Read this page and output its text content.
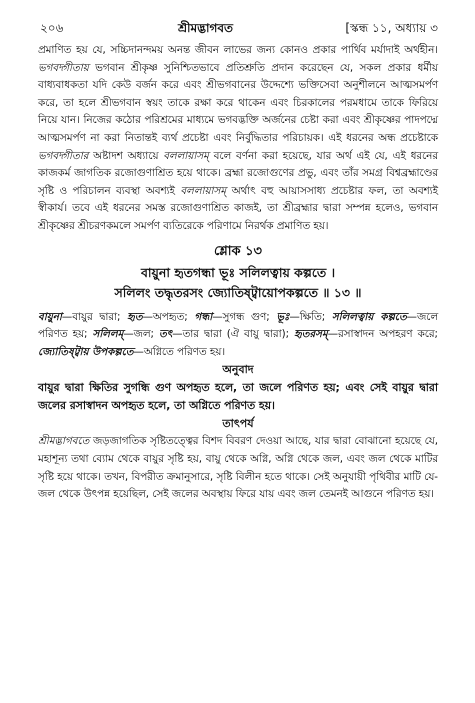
২০৬	শ্রীমদ্ভাগবত	[স্কন্ধ ১১, অধ্যায় ৩
প্রমাণিত হয় যে, সচ্চিদানন্দময় অনন্ত জীবন লাভের জন্য কোনও প্রকার পার্থিব মর্যাদাই অর্থহীন। ভগবদ্গীতায় ভগবান শ্রীকৃষ্ণ সুনিশ্চিতভাবে প্রতিশ্রুতি প্রদান করেছেন যে, সকল প্রকার ধর্মীয় বাধ্যবাধকতা যদি কেউ বর্জন করে এবং শ্রীভগবানের উদ্দেশ্যে ভক্তিসেবা অনুশীলনে আত্মসমর্পণ করে, তা হলে শ্রীভগবান স্বয়ং তাকে রক্ষা করে থাকেন এবং চিরকালের পরমধামে তাকে ফিরিয়ে নিয়ে যান। নিজের কঠোর পরিশ্রমের মাধ্যমে ভগবদ্ভক্তি অর্জনের চেষ্টা করা এবং শ্রীকৃষ্ণের পাদপদ্মে আত্মসমর্পণ না করা নিতান্তই ব্যর্থ প্রচেষ্টা এবং নির্বুদ্ধিতার পরিচায়ক। এই ধরনের অন্ধ প্রচেষ্টাকে ভগবদ্গীতার অষ্টাদশ অধ্যায়ে বললায়াসম্ বলে বর্ণনা করা হয়েছে, যার অর্থ এই যে, এই ধরনের কাজকর্ম জাগতিক রজোগুণাশ্রিত হয়ে থাকে। ব্রহ্মা রজোগুণের প্রভু, এবং তাঁর সমগ্র বিশ্বব্রহ্মাণ্ডের সৃষ্টি ও পরিচালন ব্যবস্থা অবশ্যই বললায়াসম্ অর্থাৎ বহু আয়াসসাধ্য প্রচেষ্টার ফল, তা অবশ্যই স্বীকার্য। তবে এই ধরনের সমস্ত রজোগুণাশ্রিত কাজই, তা শ্রীব্রহ্মার দ্বারা সম্পন্ন হলেও, ভগবান শ্রীকৃষ্ণের শ্রীচরণকমলে সমর্পণ ব্যতিরেকে পরিণামে নিরর্থক প্রমাণিত হয়।
শ্লোক ১৩
বায়ুনা হৃতগন্ধা ভূঃ সলিলত্বায় কল্পতে ।
সলিলং তদ্ধৃতরসং জ্যোতিষ্ট্বায়োপকল্পতে ॥ ১৩ ॥
বায়ুনা—বায়ুর দ্বারা; হৃত—অপহৃত; গন্ধা—সুগন্ধ গুণ; ভূঃ—ক্ষিতি; সলিলত্বায় কল্পতে—জলে পরিণত হয়; সলিলম্—জল; তৎ—তার দ্বারা (ঐ বায়ু দ্বারা); হৃতরসম্—রসাস্বাদন অপহরণ করে; জ্যোতিষ্ট্বায় উপকল্পতে—অগ্নিতে পরিণত হয়।
অনুবাদ
বায়ুর দ্বারা ক্ষিতির সুগন্ধি গুণ অপহৃত হলে, তা জলে পরিণত হয়; এবং সেই বায়ুর দ্বারা জলের রসাস্বাদন অপহৃত হলে, তা অগ্নিতে পরিণত হয়।
তাৎপর্য
শ্রীমদ্ভাগবতে জড়জাগতিক সৃষ্টিতত্ত্বের বিশদ বিবরণ দেওয়া আছে, যার দ্বারা বোঝানো হয়েছে যে, মহাশূন্য তথা ব্যোম থেকে বায়ুর সৃষ্টি হয়, বায়ু থেকে অগ্নি, অগ্নি থেকে জল, এবং জল থেকে মাটির সৃষ্টি হয়ে থাকে। তখন, বিপরীত ক্রমানুসারে, সৃষ্টি বিলীন হতে থাকে। সেই অনুযায়ী পৃথিবীর মাটি যে-জল থেকে উৎপন্ন হয়েছিল, সেই জলের অবস্থায় ফিরে যায় এবং জল তেমনই আগুনে পরিণত হয়।
